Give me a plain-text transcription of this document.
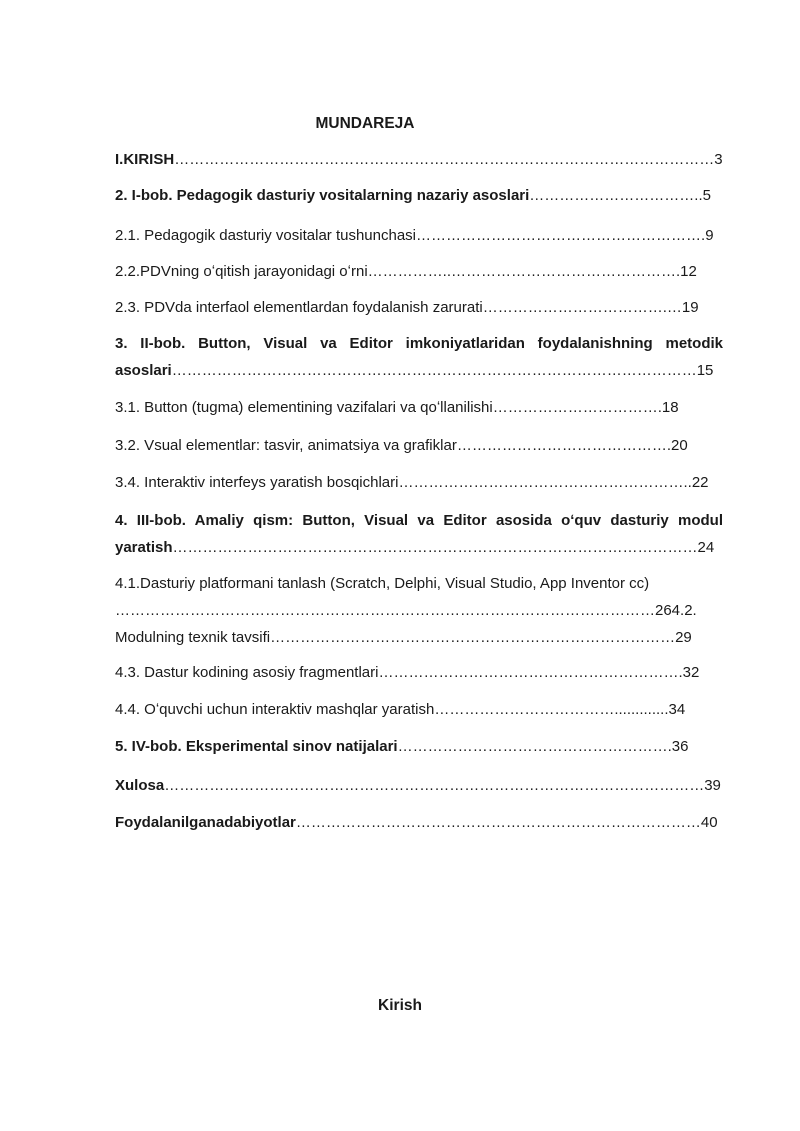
MUNDAREJA
I.KIRISH………………………………………………………………………………………………3
2. I-bob. Pedagogik dasturiy vositalarning nazariy asoslari……………………………..5
2.1. Pedagogik dasturiy vositalar tushunchasi………………………………………………….9
2.2.PDVning oʻqitish jarayonidagi oʻrni……………..……………………………………….12
2.3. PDVda interfaol elementlardan foydalanish zarurati……………………………….…19
3. II-bob. Button, Visual va Editor imkoniyatlaridan foydalanishning metodik
asoslari……………………………………………………………………………………………15
3.1. Button (tugma) elementining vazifalari va qoʻllanilishi…………………………….18
3.2. Vsual elementlar: tasvir, animatsiya va grafiklar…………………………………….20
3.4. Interaktiv interfeys yaratish bosqichlari…………………………………………………..22
4. III-bob. Amaliy qism: Button, Visual va Editor asosida oʻquv dasturiy modul
yaratish……………………………………………………………………………………………24
4.1.Dasturiy platformani tanlash (Scratch, Delphi, Visual Studio, App Inventor cc)
………………………………………………………………………………………………264.2.
Modulning texnik tavsifi………………………………………………………………………29
4.3. Dastur kodining asosiy fragmentlari…………………………………………………….32
4.4. Oʻquvchi uchun interaktiv mashqlar yaratish……………………………….............34
5. IV-bob. Eksperimental sinov natijalari……………………………………………….36
Xulosa………………………………………………………………………………………………39
Foydalanilganadabiyotlar………………………………………………………………………40
Kirish
